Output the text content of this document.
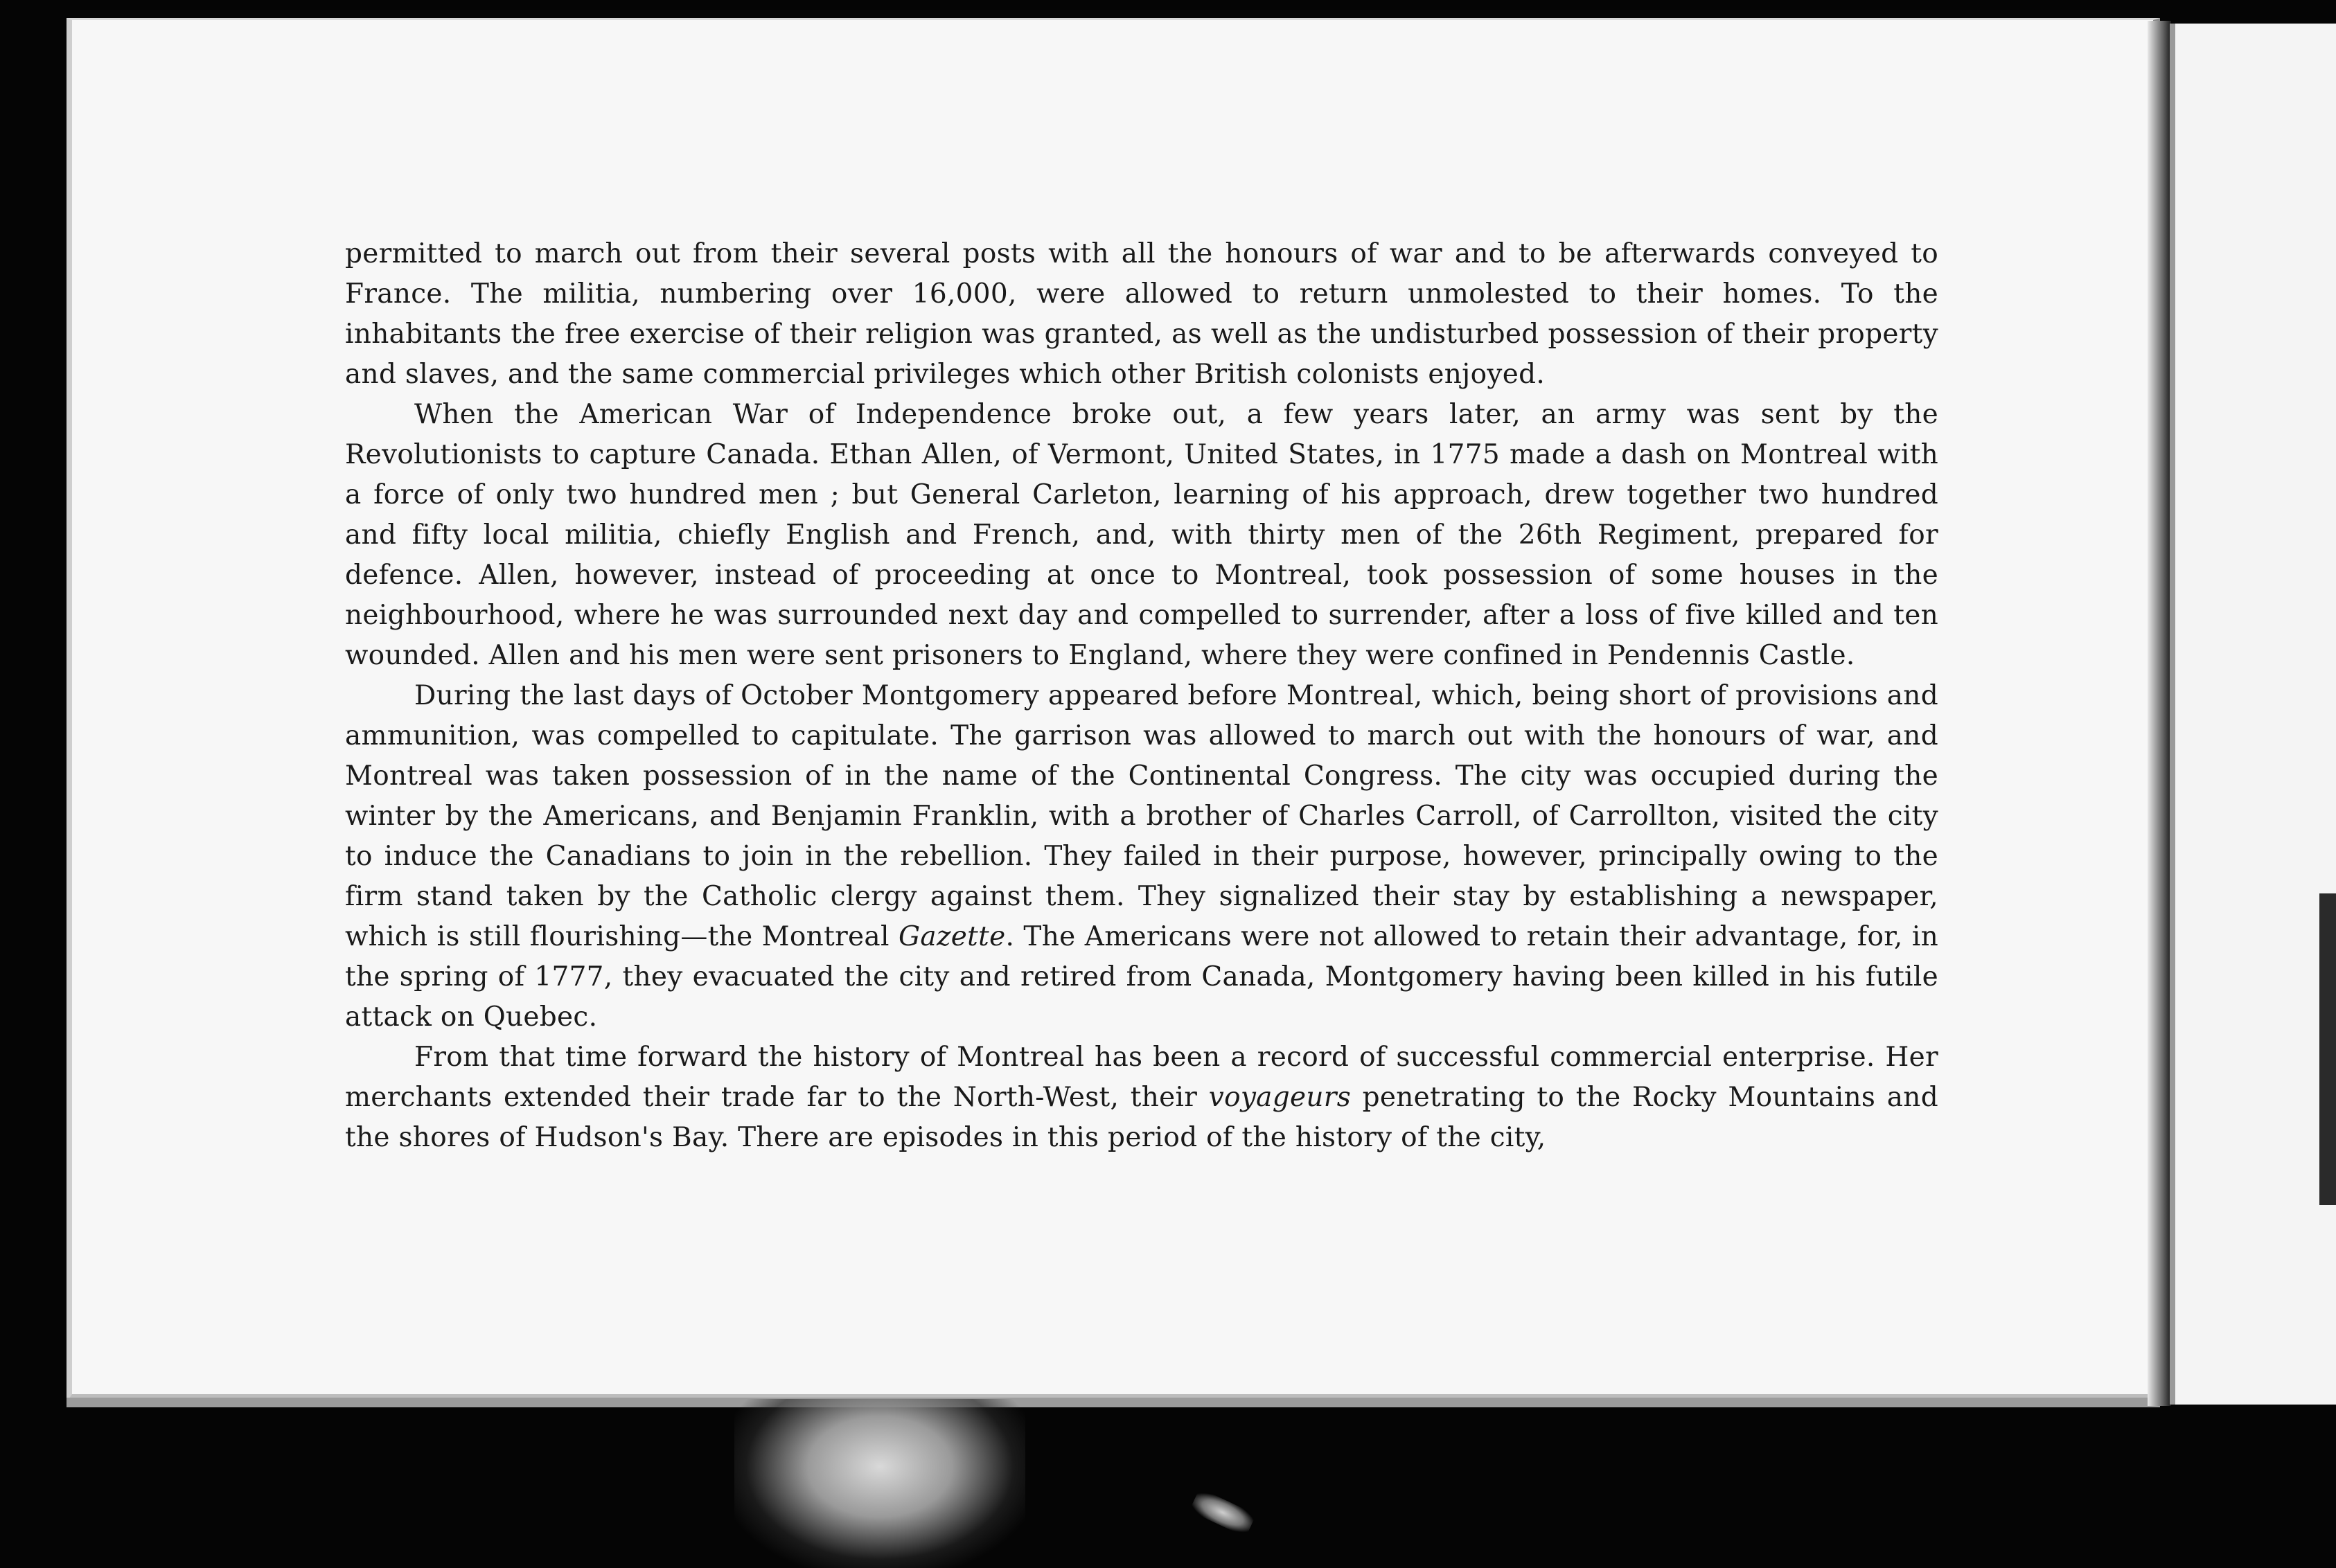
permitted to march out from their several posts with all the honours of war and to be afterwards conveyed to France. The militia, numbering over 16,000, were allowed to return unmolested to their homes. To the inhabitants the free exercise of their religion was granted, as well as the undisturbed possession of their property and slaves, and the same commercial privileges which other British colonists enjoyed.

When the American War of Independence broke out, a few years later, an army was sent by the Revolutionists to capture Canada. Ethan Allen, of Vermont, United States, in 1775 made a dash on Montreal with a force of only two hundred men ; but General Carleton, learning of his approach, drew together two hundred and fifty local militia, chiefly English and French, and, with thirty men of the 26th Regiment, prepared for defence. Allen, however, instead of proceeding at once to Montreal, took possession of some houses in the neighbourhood, where he was surrounded next day and compelled to surrender, after a loss of five killed and ten wounded. Allen and his men were sent prisoners to England, where they were confined in Pendennis Castle.

During the last days of October Montgomery appeared before Montreal, which, being short of provisions and ammunition, was compelled to capitulate. The garrison was allowed to march out with the honours of war, and Montreal was taken possession of in the name of the Continental Congress. The city was occupied during the winter by the Americans, and Benjamin Franklin, with a brother of Charles Carroll, of Carrollton, visited the city to induce the Canadians to join in the rebellion. They failed in their purpose, however, principally owing to the firm stand taken by the Catholic clergy against them. They signalized their stay by establishing a newspaper, which is still flourishing—the Montreal Gazette. The Americans were not allowed to retain their advantage, for, in the spring of 1777, they evacuated the city and retired from Canada, Montgomery having been killed in his futile attack on Quebec.

From that time forward the history of Montreal has been a record of successful commercial enterprise. Her merchants extended their trade far to the North-West, their voyageurs penetrating to the Rocky Mountains and the shores of Hudson's Bay. There are episodes in this period of the history of the city,
